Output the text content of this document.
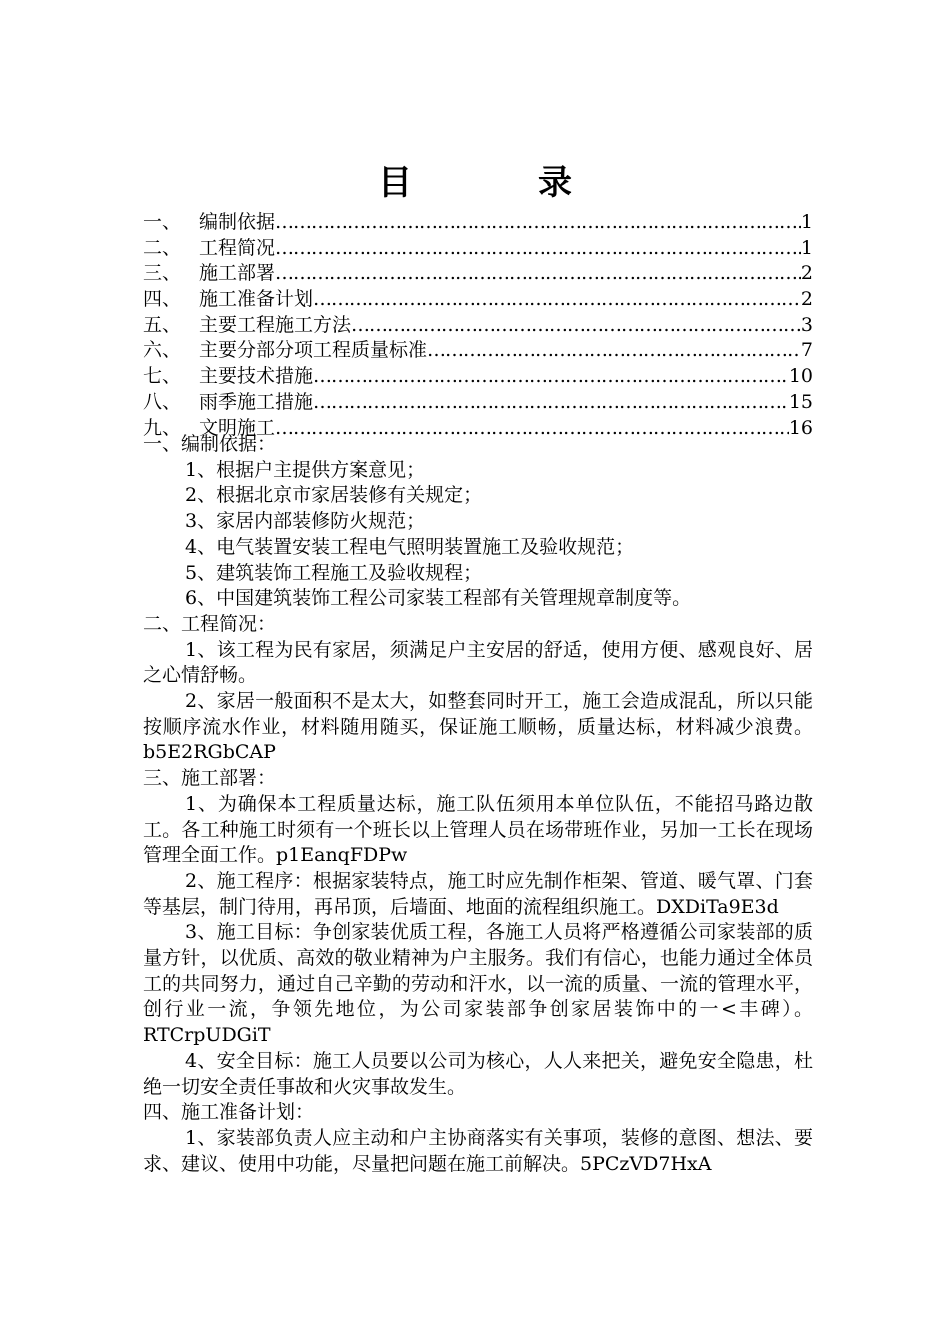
目　录
一、 编制依据 ……………………………………………………………………………………………………………………	1
二、 工程简况 ……………………………………………………………………………………………………………………	1
三、 施工部署 ……………………………………………………………………………………………………………………	2
四、 施工准备计划 ……………………………………………………………………………………………………………………	2
五、 主要工程施工方法 ……………………………………………………………………………………………………………………	3
六、 主要分部分项工程质量标准 ……………………………………………………………………………………………………………………	7
七、 主要技术措施 ……………………………………………………………………………………………………………………	10
八、 雨季施工措施 ……………………………………………………………………………………………………………………	15
九、 文明施工 ……………………………………………………………………………………………………………………	16

一、编制依据：

1、根据户主提供方案意见；

2、根据北京市家居装修有关规定；

3、家居内部装修防火规范；

4、电气装置安装工程电气照明装置施工及验收规范；

5、建筑装饰工程施工及验收规程；

6、中国建筑装饰工程公司家装工程部有关管理规章制度等。

二、工程简况：

1、该工程为民有家居，须满足户主安居的舒适，使用方便、感观良好、居之心情舒畅。

2、家居一般面积不是太大，如整套同时开工，施工会造成混乱，所以只能按顺序流水作业，材料随用随买，保证施工顺畅，质量达标，材料减少浪费。b5E2RGbCAP

三、施工部署：

1、为确保本工程质量达标，施工队伍须用本单位队伍，不能招马路边散工。各工种施工时须有一个班长以上管理人员在场带班作业，另加一工长在现场管理全面工作。p1EanqFDPw

2、施工程序：根据家装特点，施工时应先制作柜架、管道、暖气罩、门套等基层，制门待用，再吊顶，后墙面、地面的流程组织施工。DXDiTa9E3d

3、施工目标：争创家装优质工程，各施工人员将严格遵循公司家装部的质量方针，以优质、高效的敬业精神为户主服务。我们有信心，也能力通过全体员工的共同努力，通过自己辛勤的劳动和汗水，以一流的质量、一流的管理水平，创行业一流，争领先地位，为公司家装部争创家居装饰中的一<丰碑）。RTCrpUDGiT

4、安全目标：施工人员要以公司为核心，人人来把关，避免安全隐患，杜绝一切安全责任事故和火灾事故发生。

四、施工准备计划：

1、家装部负责人应主动和户主协商落实有关事项，装修的意图、想法、要求、建议、使用中功能，尽量把问题在施工前解决。5PCzVD7HxA
